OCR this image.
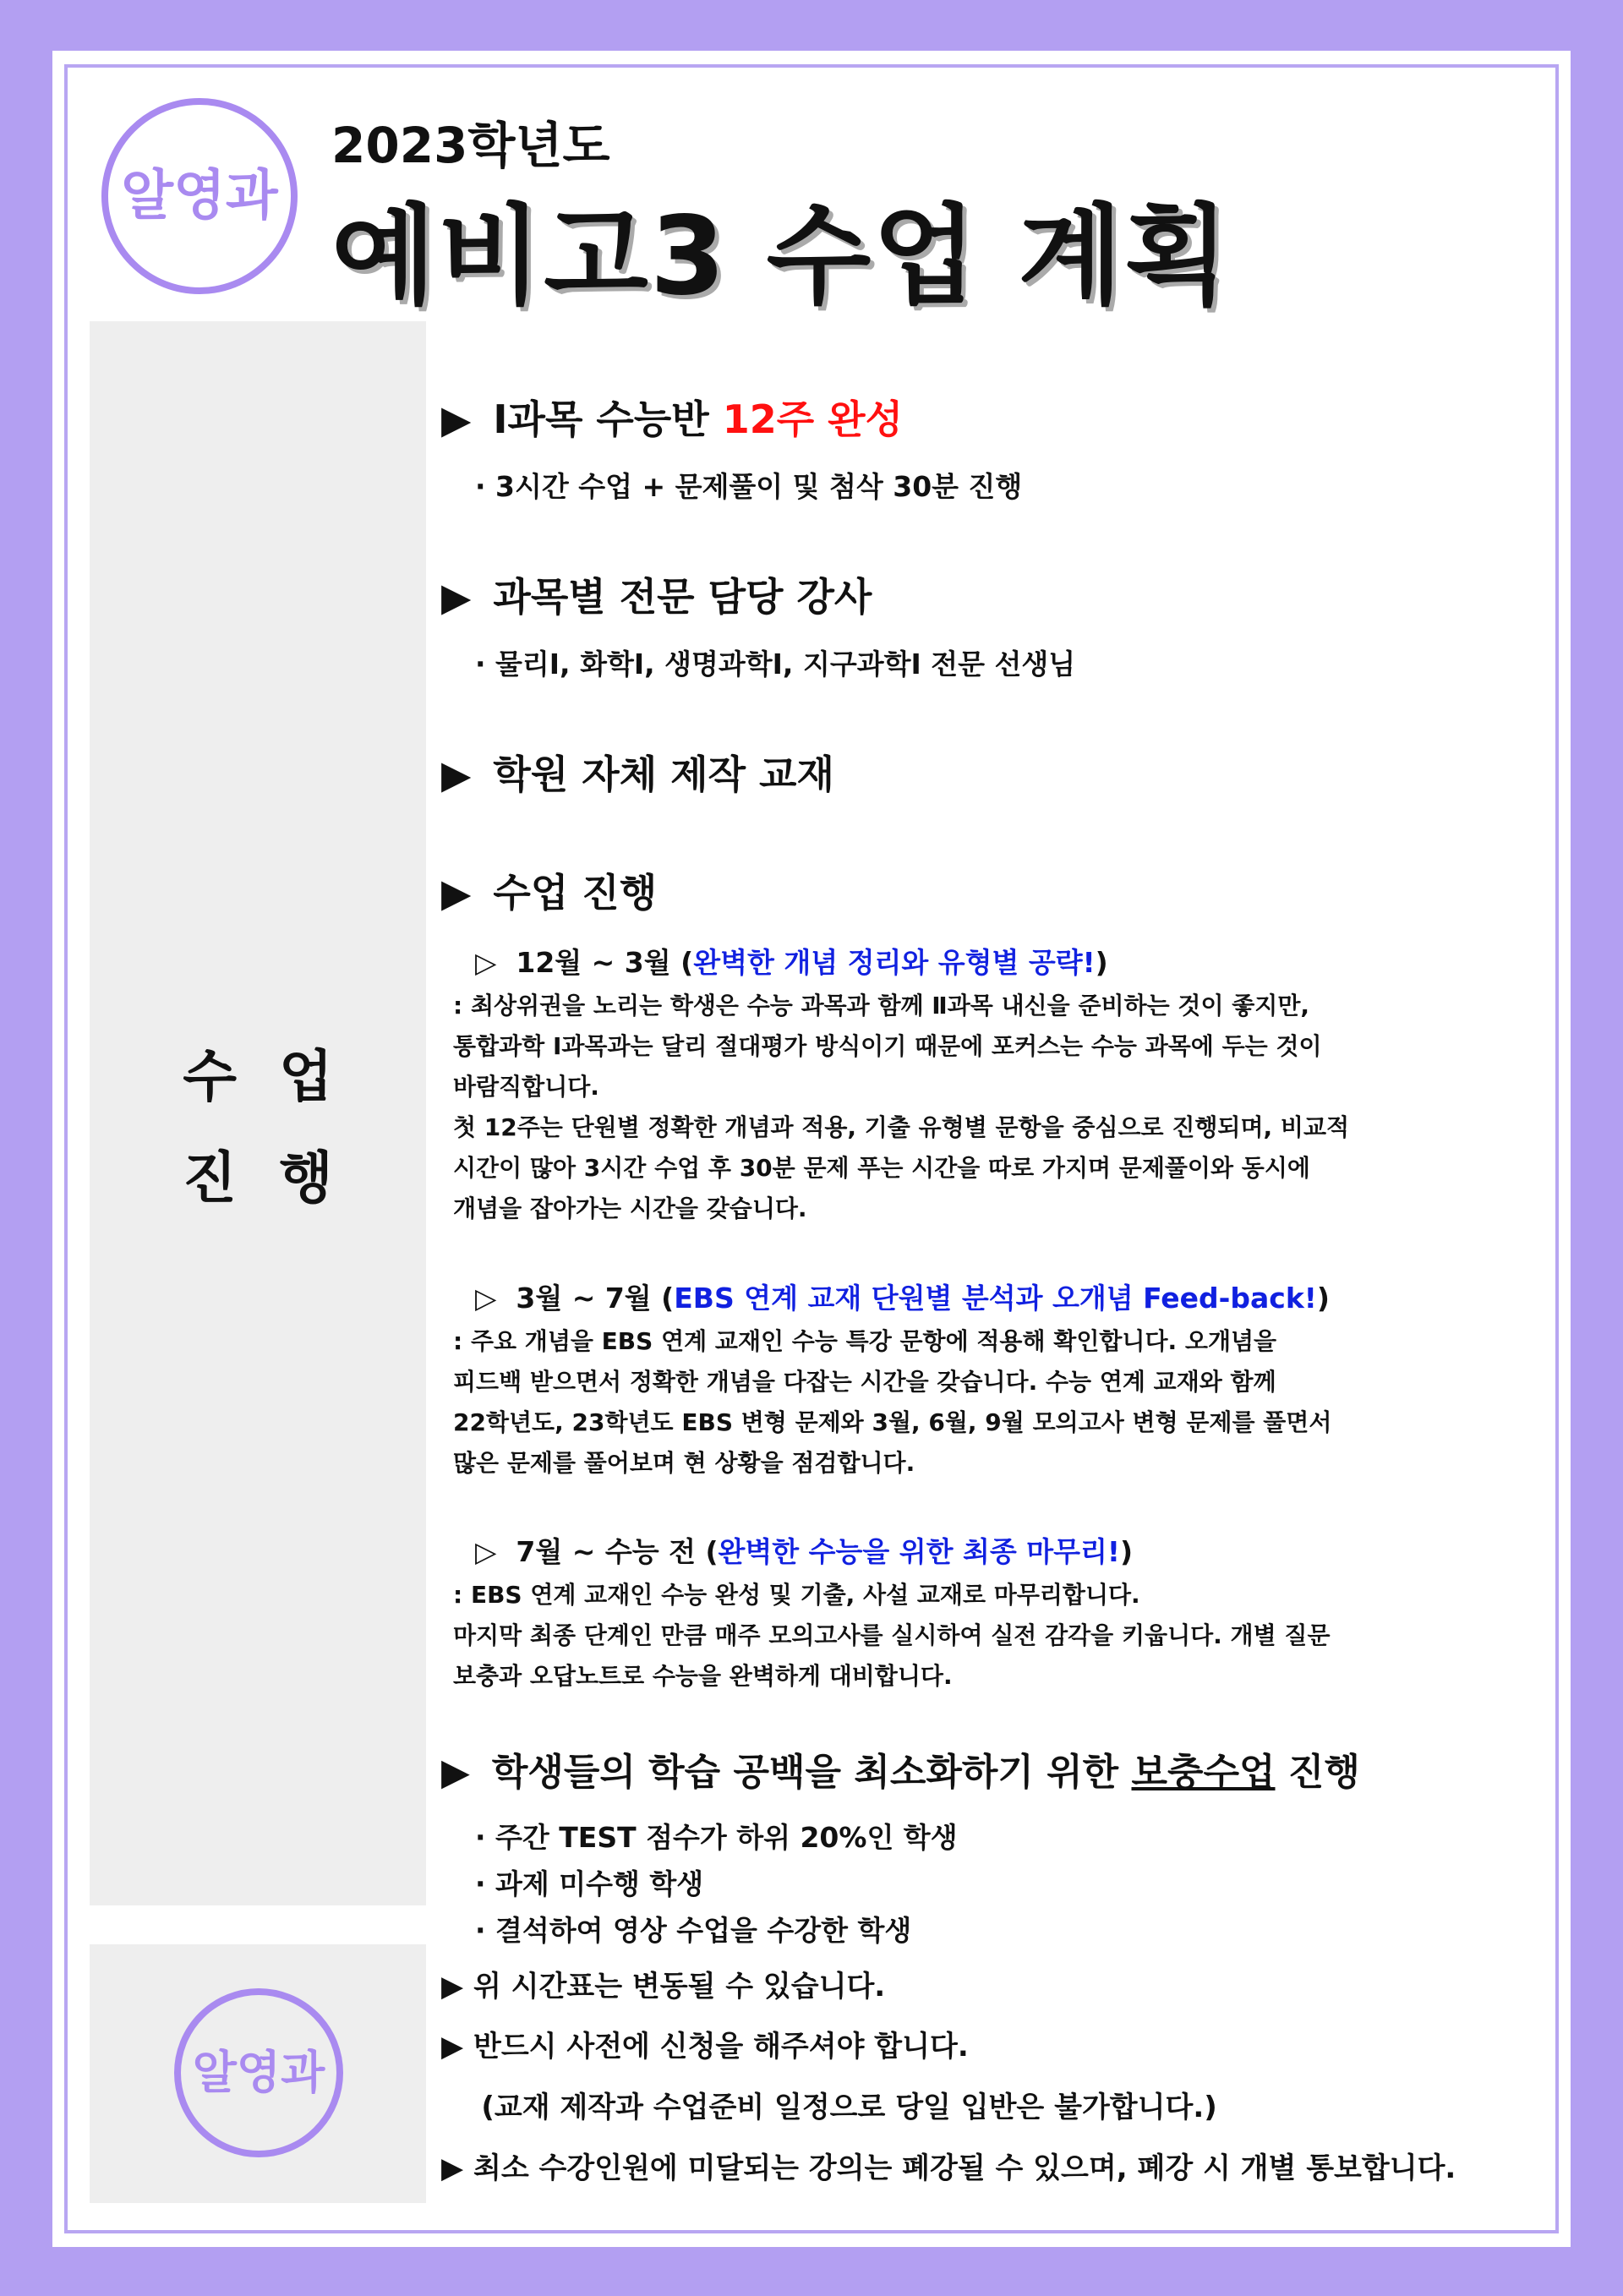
알영과
2023학년도
예비고3 수업 계획
수업
진행
▶ Ⅰ과목 수능반 12주 완성
· 3시간 수업 + 문제풀이 및 첨삭 30분 진행
▶ 과목별 전문 담당 강사
· 물리Ⅰ, 화학Ⅰ, 생명과학Ⅰ, 지구과학Ⅰ 전문 선생님
▶ 학원 자체 제작 교재
▶ 수업 진행
▷ 12월 ~ 3월 (완벽한 개념 정리와 유형별 공략!)
: 최상위권을 노리는 학생은 수능 과목과 함께 Ⅱ과목 내신을 준비하는 것이 좋지만,
통합과학 Ⅰ과목과는 달리 절대평가 방식이기 때문에 포커스는 수능 과목에 두는 것이
바람직합니다.
첫 12주는 단원별 정확한 개념과 적용, 기출 유형별 문항을 중심으로 진행되며, 비교적
시간이 많아 3시간 수업 후 30분 문제 푸는 시간을 따로 가지며 문제풀이와 동시에
개념을 잡아가는 시간을 갖습니다.
▷ 3월 ~ 7월 (EBS 연계 교재 단원별 분석과 오개념 Feed-back!)
: 주요 개념을 EBS 연계 교재인 수능 특강 문항에 적용해 확인합니다. 오개념을
피드백 받으면서 정확한 개념을 다잡는 시간을 갖습니다. 수능 연계 교재와 함께
22학년도, 23학년도 EBS 변형 문제와 3월, 6월, 9월 모의고사 변형 문제를 풀면서
많은 문제를 풀어보며 현 상황을 점검합니다.
▷ 7월 ~ 수능 전 (완벽한 수능을 위한 최종 마무리!)
: EBS 연계 교재인 수능 완성 및 기출, 사설 교재로 마무리합니다.
마지막 최종 단계인 만큼 매주 모의고사를 실시하여 실전 감각을 키웁니다. 개별 질문
보충과 오답노트로 수능을 완벽하게 대비합니다.
▶ 학생들의 학습 공백을 최소화하기 위한 보충수업 진행
· 주간 TEST 점수가 하위 20%인 학생
· 과제 미수행 학생
· 결석하여 영상 수업을 수강한 학생
알영과
▶ 위 시간표는 변동될 수 있습니다.
▶ 반드시 사전에 신청을 해주셔야 합니다.
(교재 제작과 수업준비 일정으로 당일 입반은 불가합니다.)
▶ 최소 수강인원에 미달되는 강의는 폐강될 수 있으며, 폐강 시 개별 통보합니다.
